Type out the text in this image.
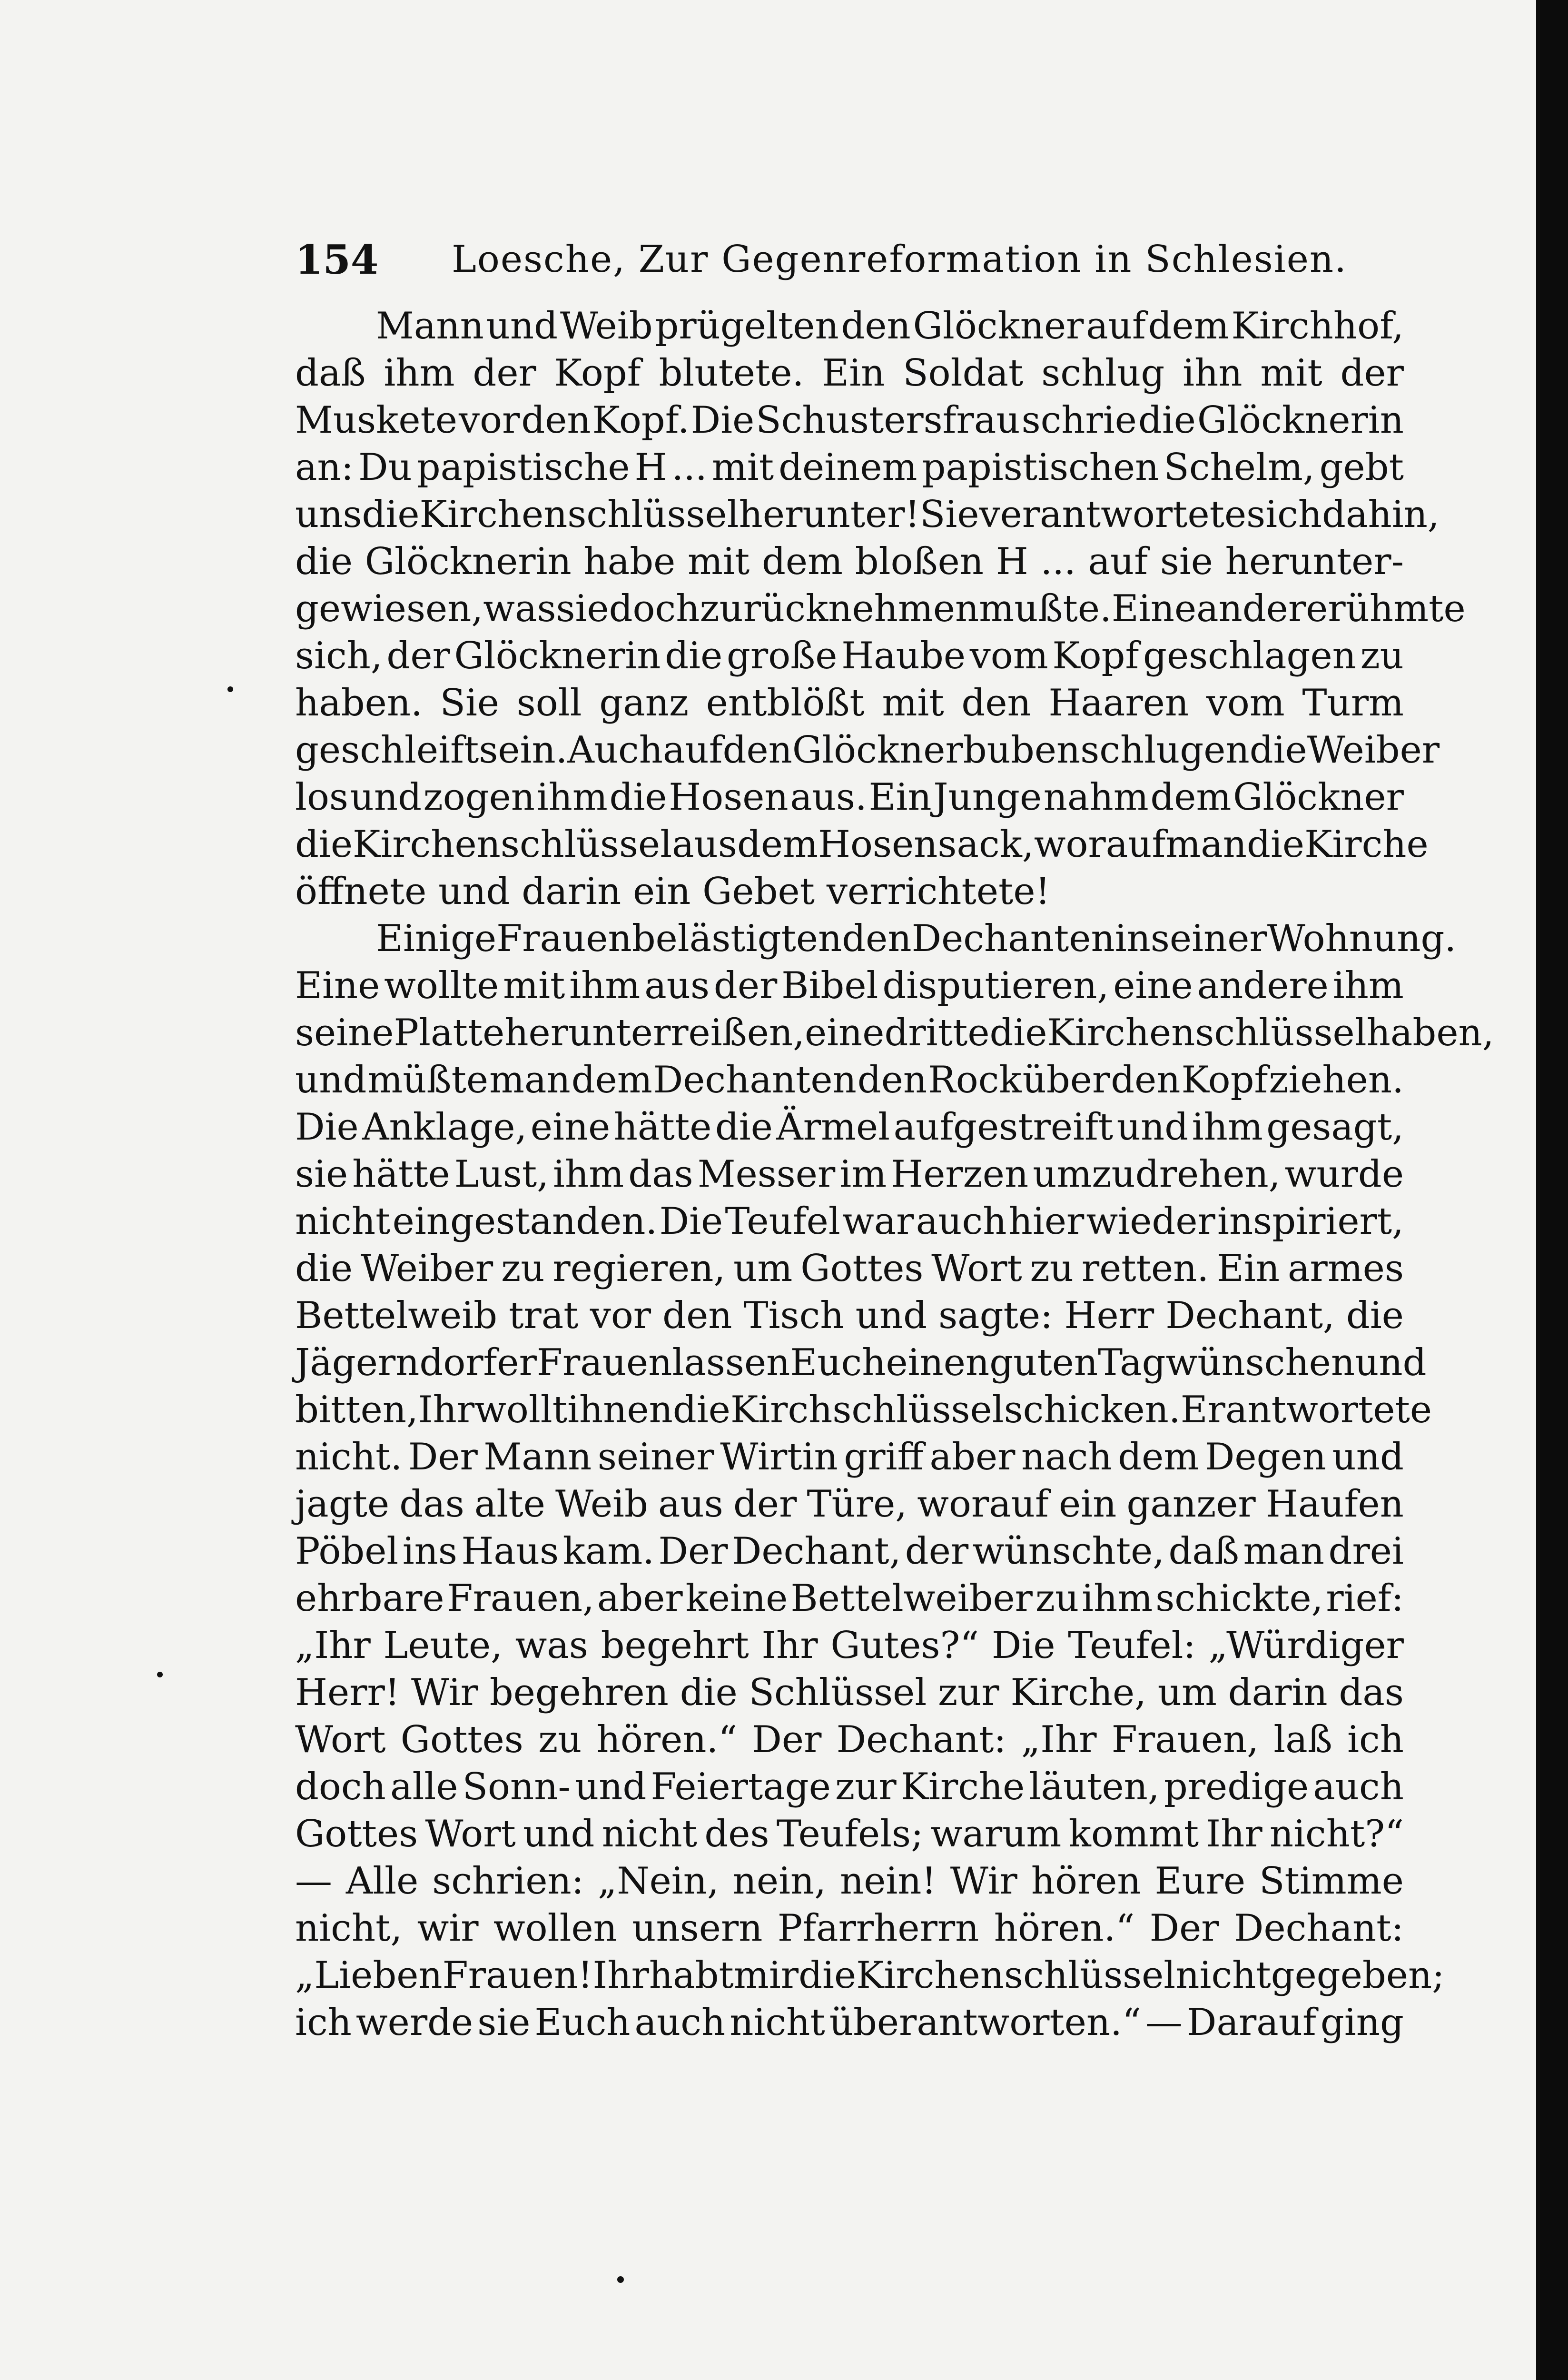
154	Loesche, Zur Gegenreformation in Schlesien.
Mann und Weib prügelten den Glöckner auf dem Kirchhof,
daß ihm der Kopf blutete. Ein Soldat schlug ihn mit der
Muskete vor den Kopf. Die Schustersfrau schrie die Glöcknerin
an: Du papistische H ... mit deinem papistischen Schelm, gebt
uns die Kirchenschlüssel herunter! Sie verantwortete sich dahin,
die Glöcknerin habe mit dem bloßen H ... auf sie herunter-
gewiesen, was sie doch zurücknehmen mußte. Eine andere rühmte
sich, der Glöcknerin die große Haube vom Kopf geschlagen zu
haben. Sie soll ganz entblößt mit den Haaren vom Turm
geschleift sein. Auch auf den Glöcknerbuben schlugen die Weiber
los und zogen ihm die Hosen aus. Ein Junge nahm dem Glöckner
die Kirchenschlüssel aus dem Hosensack, worauf man die Kirche
öffnete und darin ein Gebet verrichtete!
Einige Frauen belästigten den Dechanten in seiner Wohnung.
Eine wollte mit ihm aus der Bibel disputieren, eine andere ihm
seine Platte herunterreißen, eine dritte die Kirchenschlüssel haben,
und müßte man dem Dechanten den Rock über den Kopf ziehen.
Die Anklage, eine hätte die Ärmel aufgestreift und ihm gesagt,
sie hätte Lust, ihm das Messer im Herzen umzudrehen, wurde
nicht eingestanden. Die Teufel war auch hier wieder inspiriert,
die Weiber zu regieren, um Gottes Wort zu retten. Ein armes
Bettelweib trat vor den Tisch und sagte: Herr Dechant, die
Jägerndorfer Frauen lassen Euch einen guten Tag wünschen und
bitten, Ihr wollt ihnen die Kirchschlüssel schicken. Er antwortete
nicht. Der Mann seiner Wirtin griff aber nach dem Degen und
jagte das alte Weib aus der Türe, worauf ein ganzer Haufen
Pöbel ins Haus kam. Der Dechant, der wünschte, daß man drei
ehrbare Frauen, aber keine Bettelweiber zu ihm schickte, rief:
„Ihr Leute, was begehrt Ihr Gutes?“ Die Teufel: „Würdiger
Herr! Wir begehren die Schlüssel zur Kirche, um darin das
Wort Gottes zu hören.“ Der Dechant: „Ihr Frauen, laß ich
doch alle Sonn- und Feiertage zur Kirche läuten, predige auch
Gottes Wort und nicht des Teufels; warum kommt Ihr nicht?“
— Alle schrien: „Nein, nein, nein! Wir hören Eure Stimme
nicht, wir wollen unsern Pfarrherrn hören.“ Der Dechant:
„Lieben Frauen! Ihr habt mir die Kirchenschlüssel nicht gegeben;
ich werde sie Euch auch nicht überantworten.“ — Darauf ging
